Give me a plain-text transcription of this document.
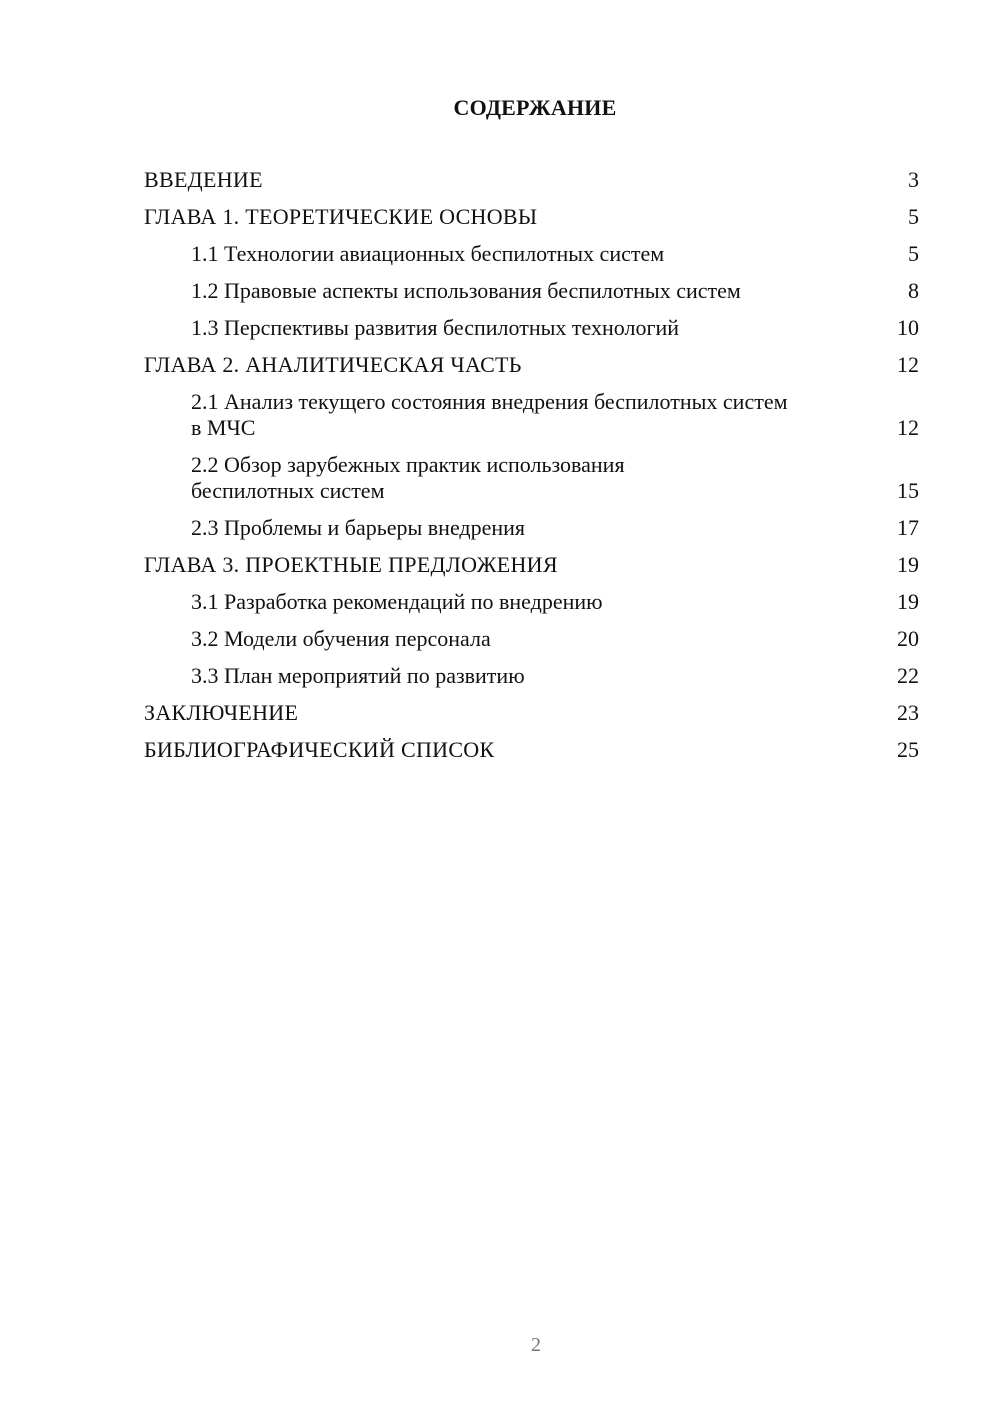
СОДЕРЖАНИЕ
ВВЕДЕНИЕ	3
ГЛАВА 1. ТЕОРЕТИЧЕСКИЕ ОСНОВЫ	5
1.1 Технологии авиационных беспилотных систем	5
1.2 Правовые аспекты использования беспилотных систем	8
1.3 Перспективы развития беспилотных технологий	10
ГЛАВА 2. АНАЛИТИЧЕСКАЯ ЧАСТЬ	12
2.1 Анализ текущего состояния внедрения беспилотных систем в МЧС	12
2.2 Обзор зарубежных практик использования беспилотных систем	15
2.3 Проблемы и барьеры внедрения	17
ГЛАВА 3. ПРОЕКТНЫЕ ПРЕДЛОЖЕНИЯ	19
3.1 Разработка рекомендаций по внедрению	19
3.2 Модели обучения персонала	20
3.3 План мероприятий по развитию	22
ЗАКЛЮЧЕНИЕ	23
БИБЛИОГРАФИЧЕСКИЙ СПИСОК	25
2
